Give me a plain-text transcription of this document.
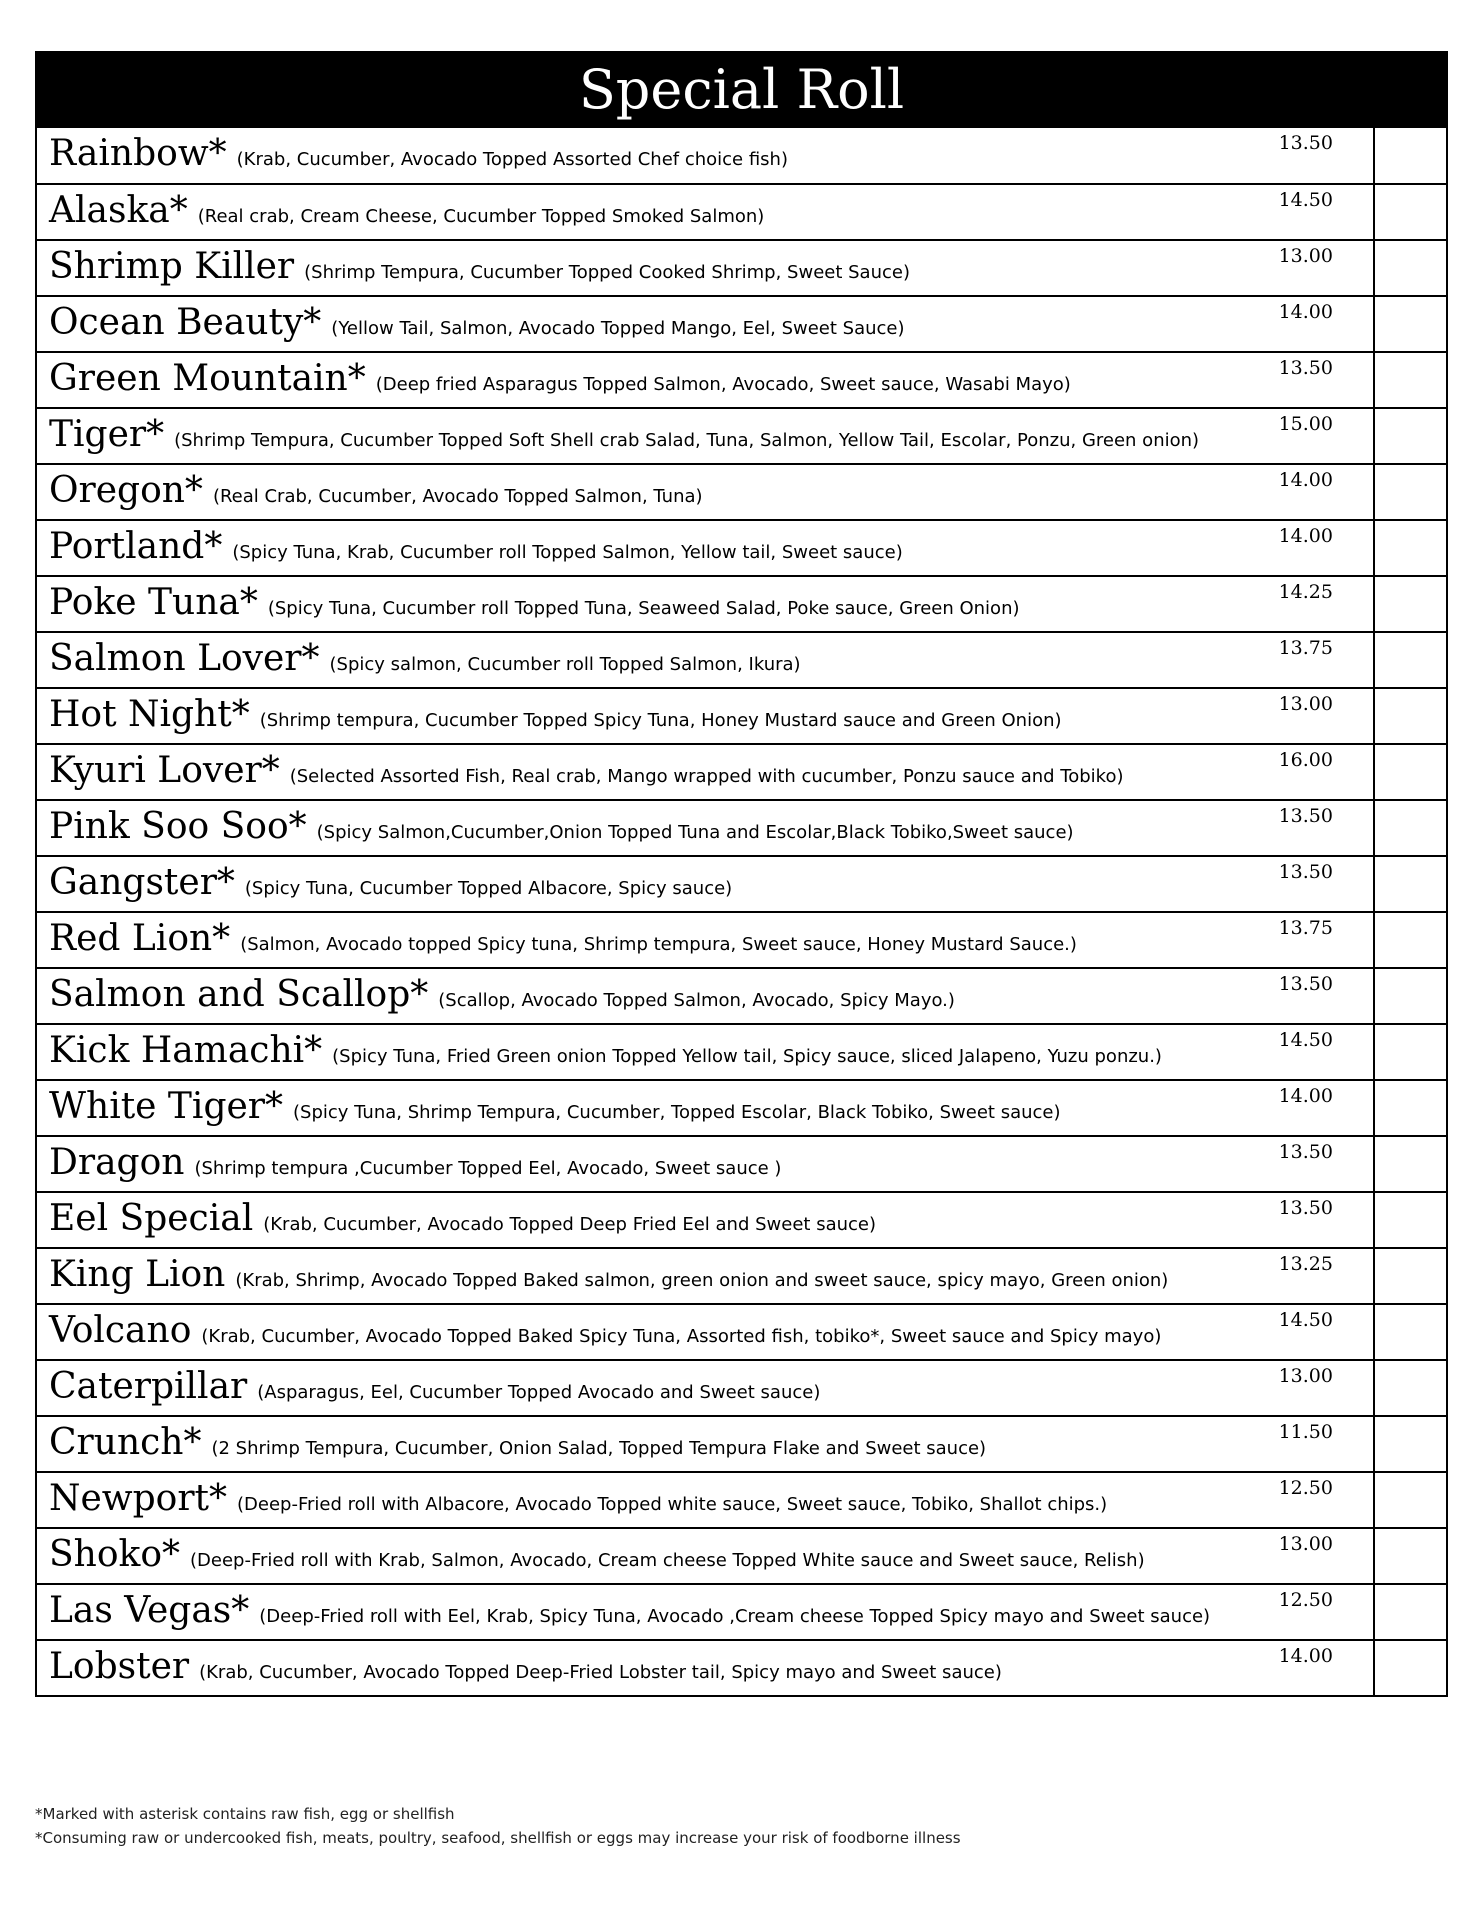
Special Roll
Rainbow* (Krab, Cucumber, Avocado Topped Assorted Chef choice fish)
13.50
Alaska* (Real crab, Cream Cheese, Cucumber Topped Smoked Salmon)
14.50
Shrimp Killer (Shrimp Tempura, Cucumber Topped Cooked Shrimp, Sweet Sauce)
13.00
Ocean Beauty* (Yellow Tail, Salmon, Avocado Topped Mango, Eel, Sweet Sauce)
14.00
Green Mountain* (Deep fried Asparagus Topped Salmon, Avocado, Sweet sauce, Wasabi Mayo)
13.50
Tiger* (Shrimp Tempura, Cucumber Topped Soft Shell crab Salad, Tuna, Salmon, Yellow Tail, Escolar, Ponzu, Green onion)
15.00
Oregon* (Real Crab, Cucumber, Avocado Topped Salmon, Tuna)
14.00
Portland* (Spicy Tuna, Krab, Cucumber roll Topped Salmon, Yellow tail, Sweet sauce)
14.00
Poke Tuna* (Spicy Tuna, Cucumber roll Topped Tuna, Seaweed Salad, Poke sauce, Green Onion)
14.25
Salmon Lover* (Spicy salmon, Cucumber roll Topped Salmon, Ikura)
13.75
Hot Night* (Shrimp tempura, Cucumber Topped Spicy Tuna, Honey Mustard sauce and Green Onion)
13.00
Kyuri Lover* (Selected Assorted Fish, Real crab, Mango wrapped with cucumber, Ponzu sauce and Tobiko)
16.00
Pink Soo Soo* (Spicy Salmon,Cucumber,Onion Topped Tuna and Escolar,Black Tobiko,Sweet sauce)
13.50
Gangster* (Spicy Tuna, Cucumber Topped Albacore, Spicy sauce)
13.50
Red Lion* (Salmon, Avocado topped Spicy tuna, Shrimp tempura, Sweet sauce, Honey Mustard Sauce.)
13.75
Salmon and Scallop* (Scallop, Avocado Topped Salmon, Avocado, Spicy Mayo.)
13.50
Kick Hamachi* (Spicy Tuna, Fried Green onion Topped Yellow tail, Spicy sauce, sliced Jalapeno, Yuzu ponzu.)
14.50
White Tiger* (Spicy Tuna, Shrimp Tempura, Cucumber, Topped Escolar, Black Tobiko, Sweet sauce)
14.00
Dragon (Shrimp tempura ,Cucumber Topped Eel, Avocado, Sweet sauce )
13.50
Eel Special (Krab, Cucumber, Avocado Topped Deep Fried Eel and Sweet sauce)
13.50
King Lion (Krab, Shrimp, Avocado Topped Baked salmon, green onion and sweet sauce, spicy mayo, Green onion)
13.25
Volcano (Krab, Cucumber, Avocado Topped Baked Spicy Tuna, Assorted fish, tobiko*, Sweet sauce and Spicy mayo)
14.50
Caterpillar (Asparagus, Eel, Cucumber Topped Avocado and Sweet sauce)
13.00
Crunch* (2 Shrimp Tempura, Cucumber, Onion Salad, Topped Tempura Flake and Sweet sauce)
11.50
Newport* (Deep-Fried roll with Albacore, Avocado Topped white sauce, Sweet sauce, Tobiko, Shallot chips.)
12.50
Shoko* (Deep-Fried roll with Krab, Salmon, Avocado, Cream cheese Topped White sauce and Sweet sauce, Relish)
13.00
Las Vegas* (Deep-Fried roll with Eel, Krab, Spicy Tuna, Avocado ,Cream cheese Topped Spicy mayo and Sweet sauce)
12.50
Lobster (Krab, Cucumber, Avocado Topped Deep-Fried Lobster tail, Spicy mayo and Sweet sauce)
14.00
*Marked with asterisk contains raw fish, egg or shellfish
*Consuming raw or undercooked fish, meats, poultry, seafood, shellfish or eggs may increase your risk of foodborne illness
